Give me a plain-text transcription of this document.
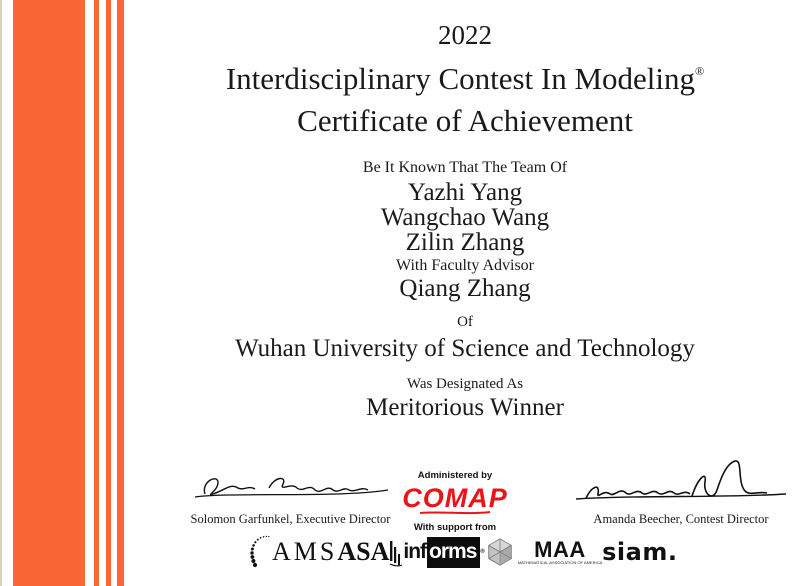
2022
Interdisciplinary Contest In Modeling®
Certificate of Achievement
Be It Known That The Team Of
Yazhi Yang
Wangchao Wang
Zilin Zhang
With Faculty Advisor
Qiang Zhang
Of
Wuhan University of Science and Technology
Was Designated As
Meritorious Winner
Solomon Garfunkel, Executive Director
Administered by
COMAP
With support from
Amanda Beecher, Contest Director
AMS ASA inf orms ® MAA
MATHEMATICAL ASSOCIATION OF AMERICA siam.
